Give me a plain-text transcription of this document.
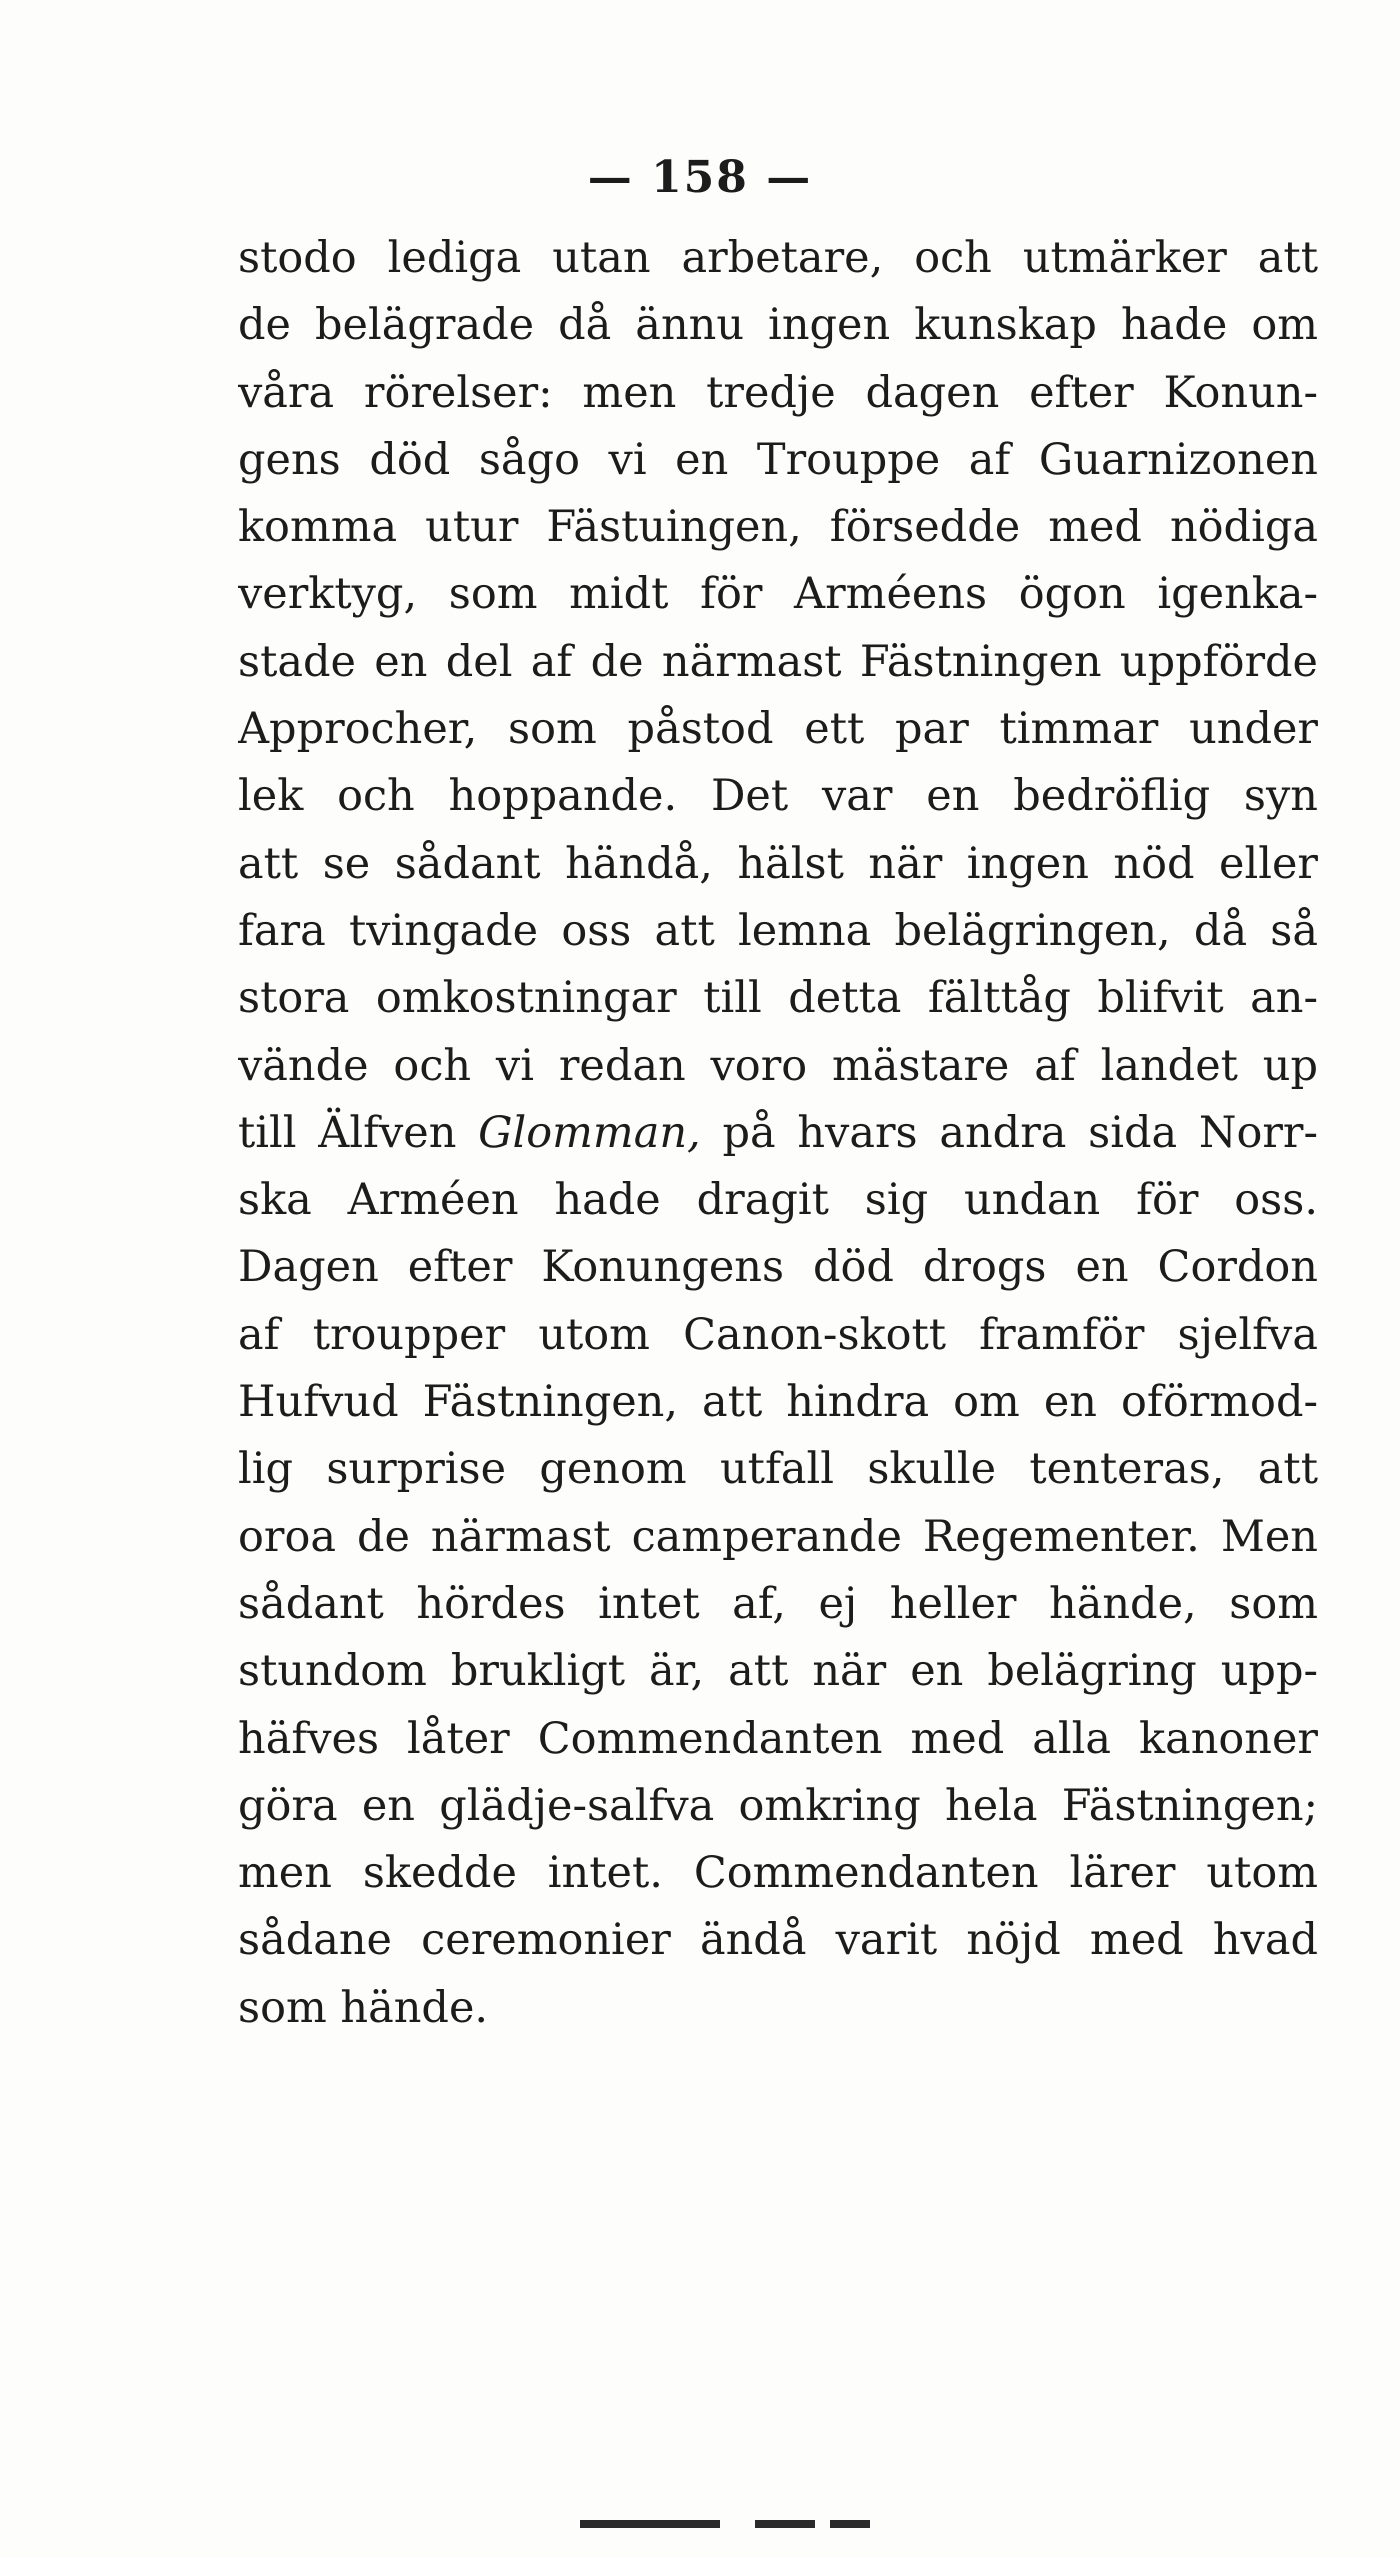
— 158 —
stodo lediga utan arbetare, och utmärker att
de belägrade då ännu ingen kunskap hade om
våra rörelser: men tredje dagen efter Konun-
gens död sågo vi en Trouppe af Guarnizonen
komma utur Fästuingen, försedde med nödiga
verktyg, som midt för Arméens ögon igenka-
stade en del af de närmast Fästningen uppförde
Approcher, som påstod ett par timmar under
lek och hoppande. Det var en bedröflig syn
att se sådant händå, hälst när ingen nöd eller
fara tvingade oss att lemna belägringen, då så
stora omkostningar till detta fälttåg blifvit an-
vände och vi redan voro mästare af landet up
till Älfven Glomman, på hvars andra sida Norr-
ska Arméen hade dragit sig undan för oss.
Dagen efter Konungens död drogs en Cordon
af troupper utom Canon-skott framför sjelfva
Hufvud Fästningen, att hindra om en oförmod-
lig surprise genom utfall skulle tenteras, att
oroa de närmast camperande Regementer. Men
sådant hördes intet af, ej heller hände, som
stundom brukligt är, att när en belägring upp-
häfves låter Commendanten med alla kanoner
göra en glädje-salfva omkring hela Fästningen;
men skedde intet. Commendanten lärer utom
sådane ceremonier ändå varit nöjd med hvad
som hände.
